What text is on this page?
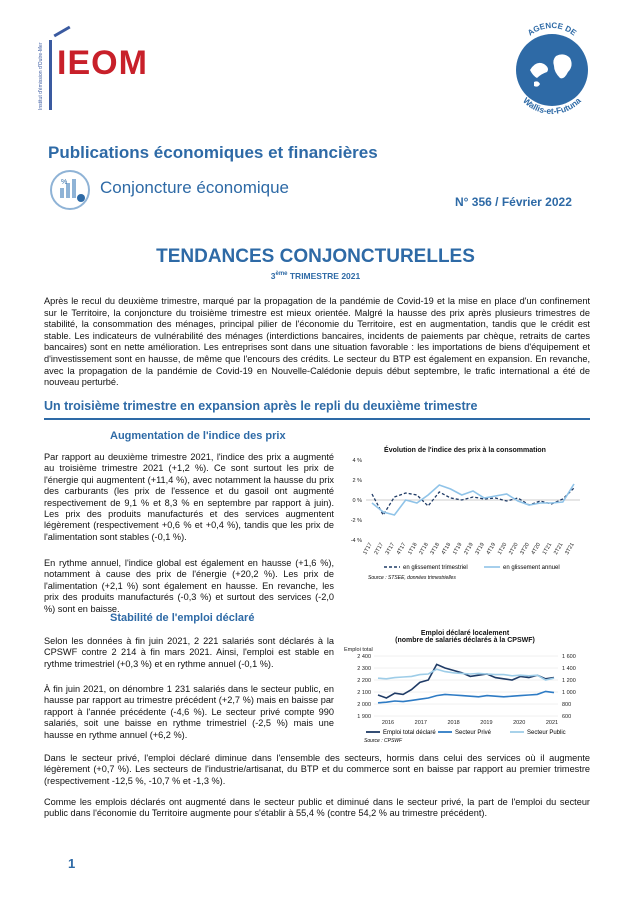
Institut d'émission d'Outre-Mer IEOM
AGENCE DE
Wallis-et-Futuna
Publications économiques et financières
% Conjoncture économique
N° 356 / Février 2022
TENDANCES CONJONCTURELLES
3ème TRIMESTRE 2021

Après le recul du deuxième trimestre, marqué par la propagation de la pandémie de Covid-19 et la mise en place d'un confinement sur le Territoire, la conjoncture du troisième trimestre est mieux orientée. Malgré la hausse des prix après plusieurs trimestres de stabilité, la consommation des ménages, principal pilier de l'économie du Territoire, est en augmentation, tandis que le crédit est stable. Les indicateurs de vulnérabilité des ménages (interdictions bancaires, incidents de paiements par chèque, retraits de cartes bancaires) sont en nette amélioration. Les entreprises sont dans une situation favorable : les importations de biens d'équipement et d'investissement sont en hausse, de même que l'encours des crédits. Le secteur du BTP est également en expansion. En revanche, avec la propagation de la pandémie de Covid-19 en Nouvelle-Calédonie depuis début septembre, le trafic international a été de nouveau perturbé.

Un troisième trimestre en expansion après le repli du deuxième trimestre
Augmentation de l'indice des prix

Par rapport au deuxième trimestre 2021, l'indice des prix a augmenté au troisième trimestre 2021 (+1,2 %). Ce sont surtout les prix de l'énergie qui augmentent (+11,4 %), avec notamment la hausse du prix des carburants (les prix de l'essence et du gasoil ont augmenté respectivement de 9,1 % et 8,3 % en septembre par rapport à juin). Les prix des produits manufacturés et des services augmentent légèrement (respectivement +0,6 % et +0,4 %), tandis que les prix de l'alimentation sont stables (-0,1 %).

En rythme annuel, l'indice global est également en hausse (+1,6 %), notamment à cause des prix de l'énergie (+20,2 %). Les prix de l'alimentation (+2,1 %) sont également en hausse. En revanche, les prix des produits manufacturés (-0,3 %) et surtout des services (-2,0 %) sont en baisse.

Évolution de l'indice des prix à la consommation
4 %
2 %
0 %
-2 %
-4 %
1T17 2T17 3T17 4T17 1T18 2T18 3T18 4T18 1T19 2T19 3T19 4T19 1T20 2T20 3T20 4T20 1T21 2T21 3T21
en glissement trimestriel	en glissement annuel
Source : STSEE, données trimestrielles
Stabilité de l'emploi déclaré

Selon les données à fin juin 2021, 2 221 salariés sont déclarés à la CPSWF contre 2 214 à fin mars 2021. Ainsi, l'emploi est stable en rythme trimestriel (+0,3 %) et en rythme annuel (-0,1 %).

À fin juin 2021, on dénombre 1 231 salariés dans le secteur public, en hausse par rapport au trimestre précédent (+2,7 %) mais en baisse par rapport à l'année précédente (-4,6 %). Le secteur privé compte 990 salariés, soit une baisse en rythme trimestriel (-2,5 %) mais une hausse en rythme annuel (+6,2 %).

Dans le secteur privé, l'emploi déclaré diminue dans l'ensemble des secteurs, hormis dans celui des services où il augmente légèrement (+0,7 %). Les secteurs de l'industrie/artisanat, du BTP et du commerce sont en baisse par rapport au premier trimestre (respectivement -12,5 %, -10,7 % et -1,3 %).

Comme les emplois déclarés ont augmenté dans le secteur public et diminué dans le secteur privé, la part de l'emploi du secteur public dans l'économie du Territoire augmente pour s'établir à 55,4 % (contre 54,2 % au trimestre précédent).

Emploi déclaré localement
(nombre de salariés déclarés à la CPSWF)
Emploi total
2 400
2 300
2 200
2 100
2 000
1 900
1 600
1 400
1 200
1 000
800
600
2016	2017	2018	2019	2020	2021
Emploi total déclaré	Secteur Privé	Secteur Public
Source : CPSWF
1
